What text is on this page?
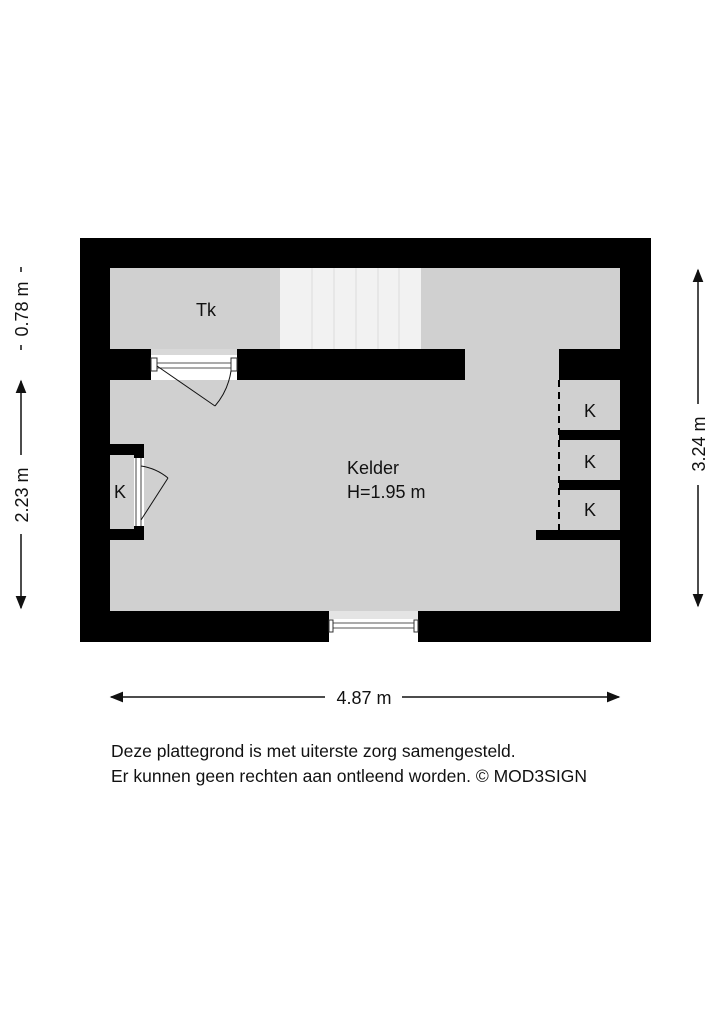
Tk
Kelder
H=1.95 m
K
K
K
K
4.87 m
3.24 m
0.78 m
2.23 m
Deze plattegrond is met uiterste zorg samengesteld.
Er kunnen geen rechten aan ontleend worden. © MOD3SIGN
